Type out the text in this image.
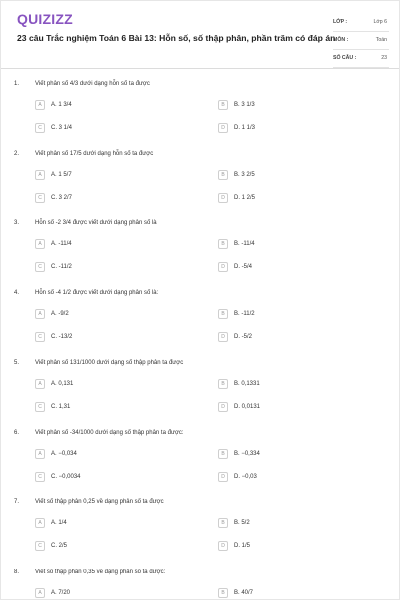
QUIZIZZ
23 câu Trắc nghiệm Toán 6 Bài 13: Hỗn số, số thập phân, phần trăm có đáp án
LỚP :	Lớp 6
MÔN :	Toán
SỐ CÂU :	23
1.	Viết phân số 4/3 dưới dạng hỗn số ta được
A	A. 1 3/4	B	B. 3 1/3
C	C. 3 1/4	D	D. 1 1/3
2.	Viết phân số 17/5 dưới dạng hỗn số ta được
A	A. 1 5/7	B	B. 3 2/5
C	C. 3 2/7	D	D. 1 2/5
3.	Hỗn số -2 3/4 được viết dưới dạng phân số là
A	A. -11/4	B	B. -11/4
C	C. -11/2	D	D. -5/4
4.	Hỗn số -4 1/2 được viết dưới dạng phân số là:
A	A. -9/2	B	B. -11/2
C	C. -13/2	D	D. -5/2
5.	Viết phân số 131/1000 dưới dạng số thập phân ta được
A	A. 0,131	B	B. 0,1331
C	C. 1,31	D	D. 0,0131
6.	Viết phân số -34/1000 dưới dạng số thập phân ta được:
A	A. −0,034	B	B. −0,334
C	C. −0,0034	D	D. −0,03
7.	Viết số thập phân 0,25 về dạng phân số ta được
A	A. 1/4	B	B. 5/2
C	C. 2/5	D	D. 1/5
8.	Viết số thập phân 0,35 về dạng phân số ta được:
A	A. 7/20	B	B. 40/7
